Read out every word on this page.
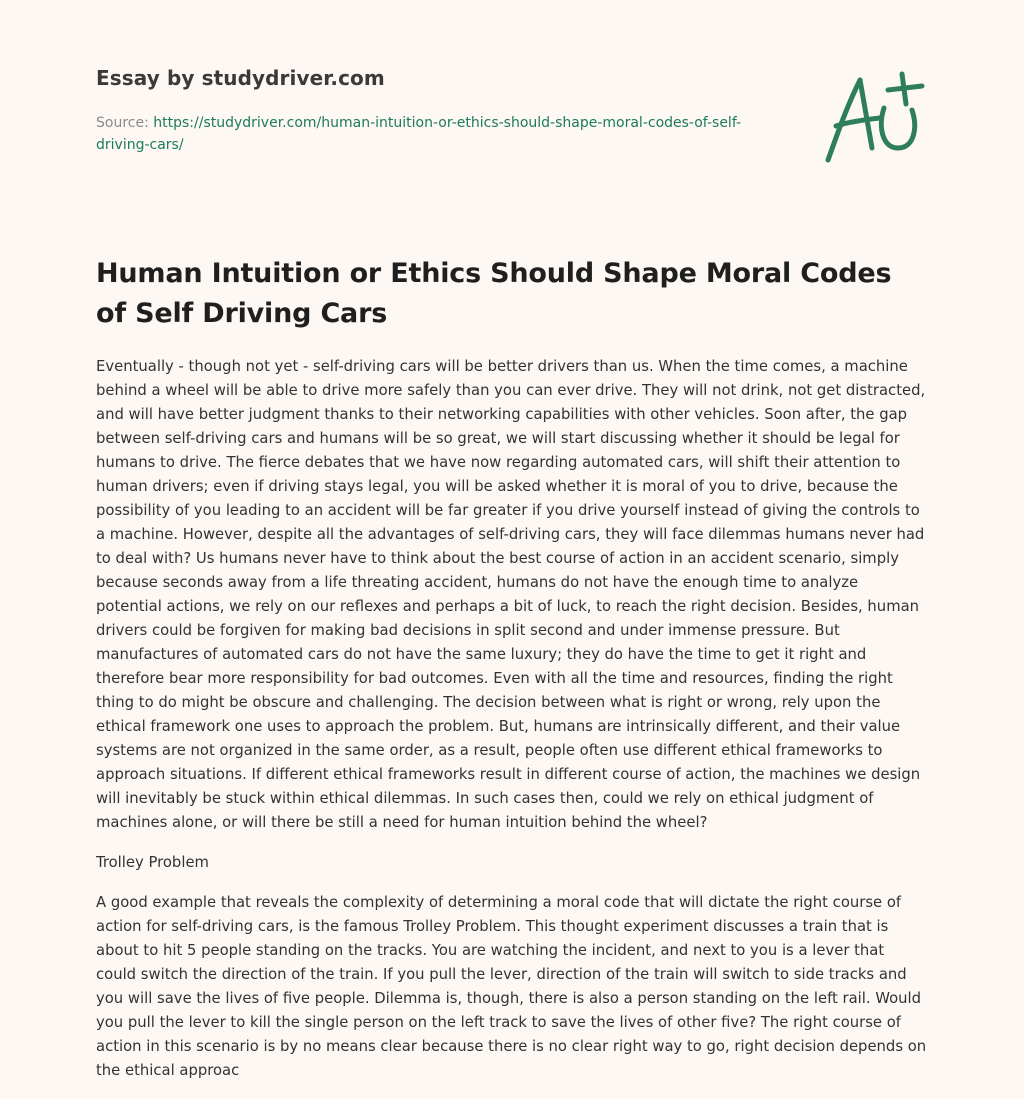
Essay by studydriver.com
Source: https://studydriver.com/human-intuition-or-ethics-should-shape-moral-codes-of-self-driving-cars/
Human Intuition or Ethics Should Shape Moral Codes of Self Driving Cars

Eventually - though not yet - self-driving cars will be better drivers than us. When the time comes, a machine behind a wheel will be able to drive more safely than you can ever drive. They will not drink, not get distracted, and will have better judgment thanks to their networking capabilities with other vehicles. Soon after, the gap between self-driving cars and humans will be so great, we will start discussing whether it should be legal for humans to drive. The fierce debates that we have now regarding automated cars, will shift their attention to human drivers; even if driving stays legal, you will be asked whether it is moral of you to drive, because the possibility of you leading to an accident will be far greater if you drive yourself instead of giving the controls to a machine. However, despite all the advantages of self-driving cars, they will face dilemmas humans never had to deal with? Us humans never have to think about the best course of action in an accident scenario, simply because seconds away from a life threating accident, humans do not have the enough time to analyze potential actions, we rely on our reflexes and perhaps a bit of luck, to reach the right decision. Besides, human drivers could be forgiven for making bad decisions in split second and under immense pressure. But manufactures of automated cars do not have the same luxury; they do have the time to get it right and therefore bear more responsibility for bad outcomes. Even with all the time and resources, finding the right thing to do might be obscure and challenging. The decision between what is right or wrong, rely upon the ethical framework one uses to approach the problem. But, humans are intrinsically different, and their value systems are not organized in the same order, as a result, people often use different ethical frameworks to approach situations. If different ethical frameworks result in different course of action, the machines we design will inevitably be stuck within ethical dilemmas. In such cases then, could we rely on ethical judgment of machines alone, or will there be still a need for human intuition behind the wheel?

Trolley Problem

A good example that reveals the complexity of determining a moral code that will dictate the right course of action for self-driving cars, is the famous Trolley Problem. This thought experiment discusses a train that is about to hit 5 people standing on the tracks. You are watching the incident, and next to you is a lever that could switch the direction of the train. If you pull the lever, direction of the train will switch to side tracks and you will save the lives of five people. Dilemma is, though, there is also a person standing on the left rail. Would you pull the lever to kill the single person on the left track to save the lives of other five? The right course of action in this scenario is by no means clear because there is no clear right way to go, right decision depends on the ethical approac
